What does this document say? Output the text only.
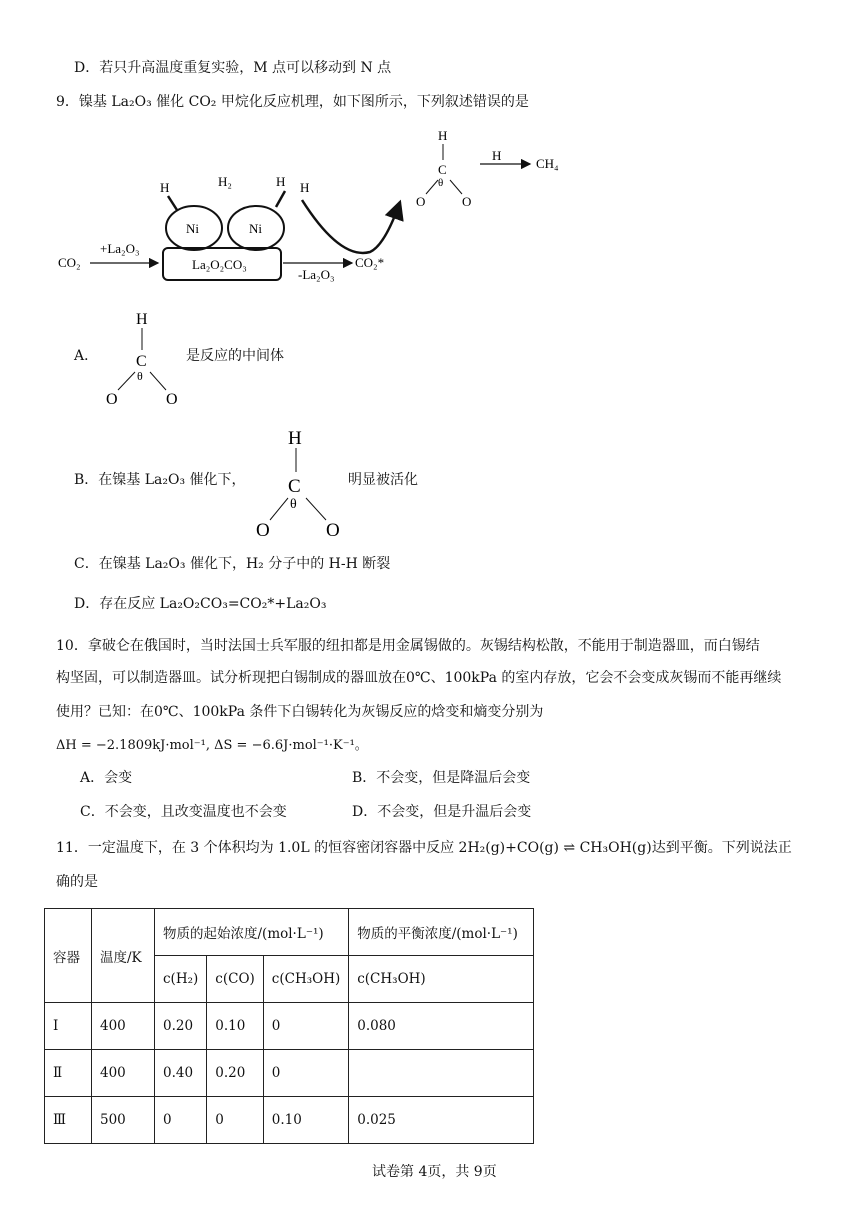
D．若只升高温度重复实验，M 点可以移动到 N 点
9．镍基 La₂O₃ 催化 CO₂ 甲烷化反应机理，如下图所示，下列叙述错误的是
CO₂
+La₂O₃
La₂O₂CO₃
Ni	Ni
H	H₂	H
-La₂O₃
CO₂*
H
H
C
θ
O	O
H
CH₄
A．
H
C
θ
O	O
是反应的中间体
B．在镍基 La₂O₃ 催化下，
H
C
θ
O	O
明显被活化
C．在镍基 La₂O₃ 催化下，H₂ 分子中的 H-H 断裂
D．存在反应 La₂O₂CO₃=CO₂*+La₂O₃
10．拿破仑在俄国时，当时法国士兵军服的纽扣都是用金属锡做的。灰锡结构松散，不能用于制造器皿，而白锡结
构坚固，可以制造器皿。试分析现把白锡制成的器皿放在0℃、100kPa 的室内存放，它会不会变成灰锡而不能再继续
使用？已知：在0℃、100kPa 条件下白锡转化为灰锡反应的焓变和熵变分别为
ΔH = −2.1809kJ·mol⁻¹, ΔS = −6.6J·mol⁻¹·K⁻¹。
A．会变	B．不会变，但是降温后会变
C．不会变，且改变温度也不会变	D．不会变，但是升温后会变
11．一定温度下，在 3 个体积均为 1.0L 的恒容密闭容器中反应 2H₂(g)+CO(g) ⇌ CH₃OH(g)达到平衡。下列说法正
确的是
容器	温度/K	物质的起始浓度/(mol·L⁻¹)			物质的平衡浓度/(mol·L⁻¹)
		c(H₂)	c(CO)	c(CH₃OH)	c(CH₃OH)
Ⅰ	400	0.20	0.10	0	0.080
Ⅱ	400	0.40	0.20	0	
Ⅲ	500	0	0	0.10	0.025
试卷第 4页，共 9页
